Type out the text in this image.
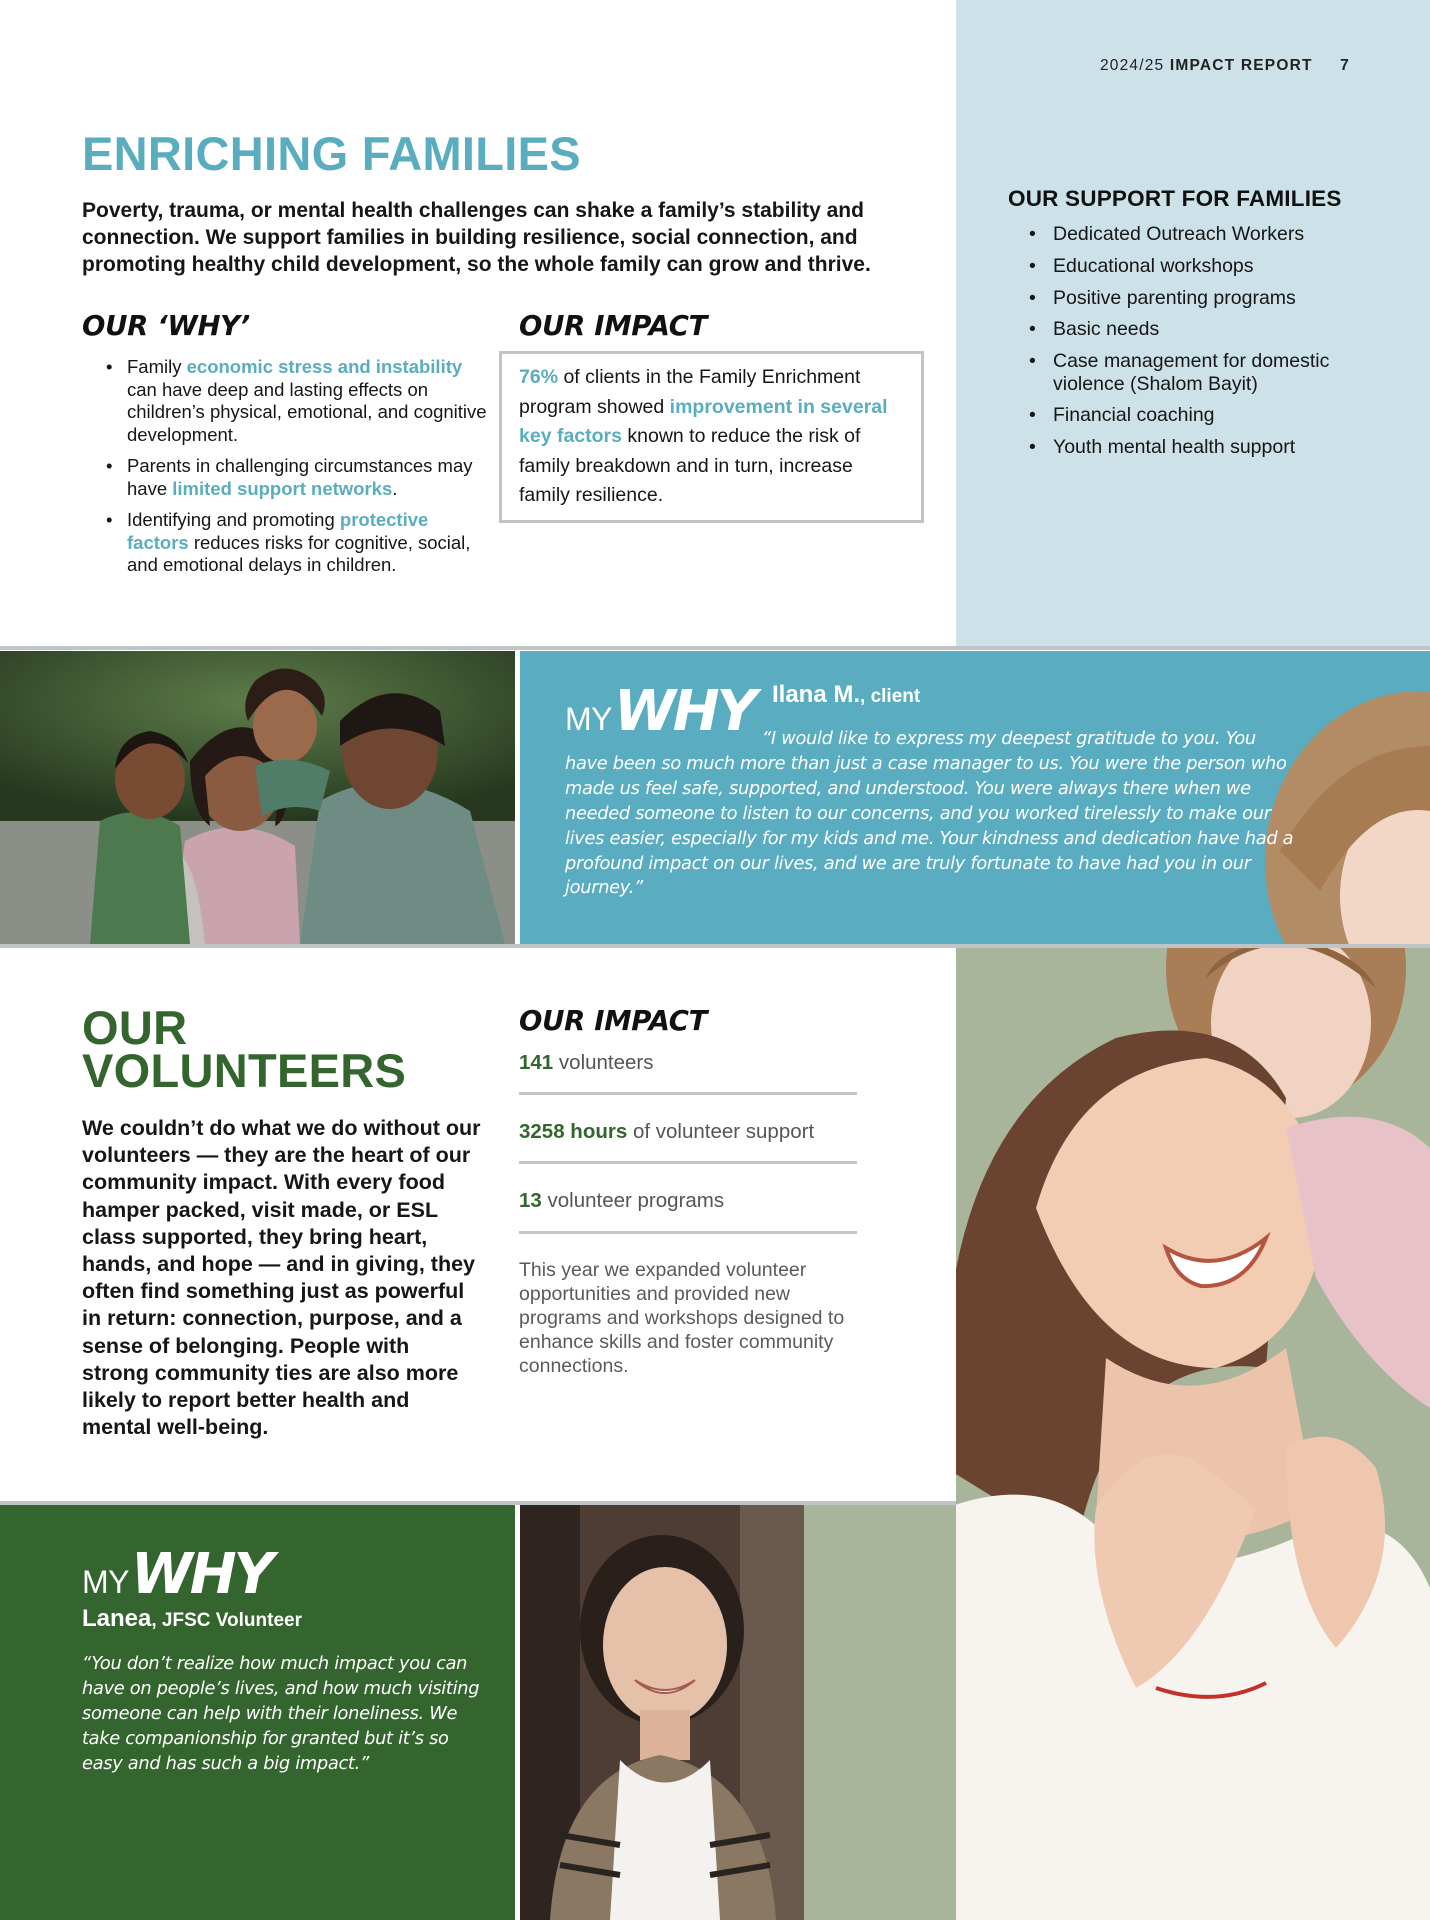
2024/25 IMPACT REPORT 7
ENRICHING FAMILIES

Poverty, trauma, or mental health challenges can shake a family’s stability and connection. We support families in building resilience, social connection, and promoting healthy child development, so the whole family can grow and thrive.

OUR ‘WHY’
• Family economic stress and instability can have deep and lasting effects on children’s physical, emotional, and cognitive development.
• Parents in challenging circumstances may have limited support networks.
• Identifying and promoting protective factors reduces risks for cognitive, social, and emotional delays in children.
OUR IMPACT
76% of clients in the Family Enrichment program showed improvement in several key factors known to reduce the risk of family breakdown and in turn, increase family resilience.
OUR SUPPORT FOR FAMILIES
• Dedicated Outreach Workers
• Educational workshops
• Positive parenting programs
• Basic needs
• Case management for domestic violence (Shalom Bayit)
• Financial coaching
• Youth mental health support
MYWHY Ilana M., client

“I would like to express my deepest gratitude to you. You have been so much more than just a case manager to us. You were the person who made us feel safe, supported, and understood. You were always there when we needed someone to listen to our concerns, and you worked tirelessly to make our lives easier, especially for my kids and me. Your kindness and dedication have had a profound impact on our lives, and we are truly fortunate to have had you in our journey.”

OUR
VOLUNTEERS

We couldn’t do what we do without our volunteers — they are the heart of our community impact. With every food hamper packed, visit made, or ESL class supported, they bring heart, hands, and hope — and in giving, they often find something just as powerful in return: connection, purpose, and a sense of belonging. People with strong community ties are also more likely to report better health and mental well-being.

OUR IMPACT
141 volunteers
3258 hours of volunteer support
13 volunteer programs

This year we expanded volunteer opportunities and provided new programs and workshops designed to enhance skills and foster community connections.

MYWHY
Lanea, JFSC Volunteer

“You don’t realize how much impact you can have on people’s lives, and how much visiting someone can help with their loneliness. We take companionship for granted but it’s so easy and has such a big impact.”
